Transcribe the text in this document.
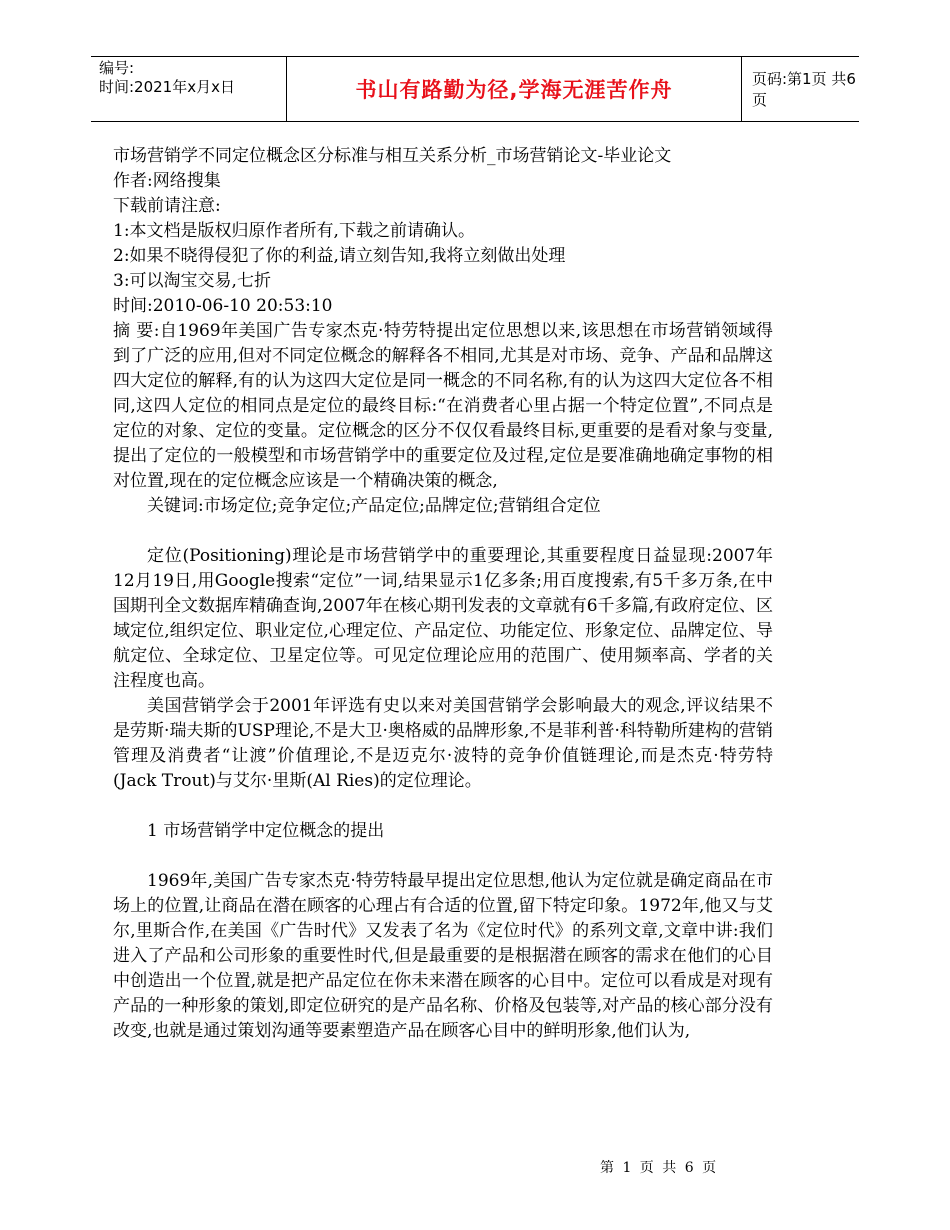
编号:
时间:2021年x月x日	书山有路勤为径,学海无涯苦作舟	页码:第1页 共6页
市场营销学不同定位概念区分标准与相互关系分析_市场营销论文-毕业论文
作者:网络搜集
下载前请注意:
1:本文档是版权归原作者所有,下载之前请确认。
2:如果不晓得侵犯了你的利益,请立刻告知,我将立刻做出处理
3:可以淘宝交易,七折
时间:2010-06-10 20:53:10
摘 要:自1969年美国广告专家杰克·特劳特提出定位思想以来,该思想在市场营销领域得到了广泛的应用,但对不同定位概念的解释各不相同,尤其是对市场、竞争、产品和品牌这四大定位的解释,有的认为这四大定位是同一概念的不同名称,有的认为这四大定位各不相同,这四人定位的相同点是定位的最终目标:“在消费者心里占据一个特定位置”,不同点是定位的对象、定位的变量。定位概念的区分不仅仅看最终目标,更重要的是看对象与变量,提出了定位的一般模型和市场营销学中的重要定位及过程,定位是要准确地确定事物的相对位置,现在的定位概念应该是一个精确决策的概念,
关键词:市场定位;竞争定位;产品定位;品牌定位;营销组合定位
定位(Positioning)理论是市场营销学中的重要理论,其重要程度日益显现:2007年12月19日,用Google搜索“定位”一词,结果显示1亿多条;用百度搜索,有5千多万条,在中国期刊全文数据库精确查询,2007年在核心期刊发表的文章就有6千多篇,有政府定位、区域定位,组织定位、职业定位,心理定位、产品定位、功能定位、形象定位、品牌定位、导航定位、全球定位、卫星定位等。可见定位理论应用的范围广、使用频率高、学者的关注程度也高。
美国营销学会于2001年评选有史以来对美国营销学会影响最大的观念,评议结果不是劳斯·瑞夫斯的USP理论,不是大卫·奥格威的品牌形象,不是菲利普·科特勒所建构的营销管理及消费者“让渡”价值理论,不是迈克尔·波特的竞争价值链理论,而是杰克·特劳特(Jack Trout)与艾尔·里斯(Al Ries)的定位理论。
1 市场营销学中定位概念的提出
1969年,美国广告专家杰克·特劳特最早提出定位思想,他认为定位就是确定商品在市场上的位置,让商品在潜在顾客的心理占有合适的位置,留下特定印象。1972年,他又与艾尔,里斯合作,在美国《广告时代》又发表了名为《定位时代》的系列文章,文章中讲:我们进入了产品和公司形象的重要性时代,但是最重要的是根据潜在顾客的需求在他们的心目中创造出一个位置,就是把产品定位在你未来潜在顾客的心目中。定位可以看成是对现有产品的一种形象的策划,即定位研究的是产品名称、价格及包装等,对产品的核心部分没有改变,也就是通过策划沟通等要素塑造产品在顾客心目中的鲜明形象,他们认为,
第 1 页 共 6 页
